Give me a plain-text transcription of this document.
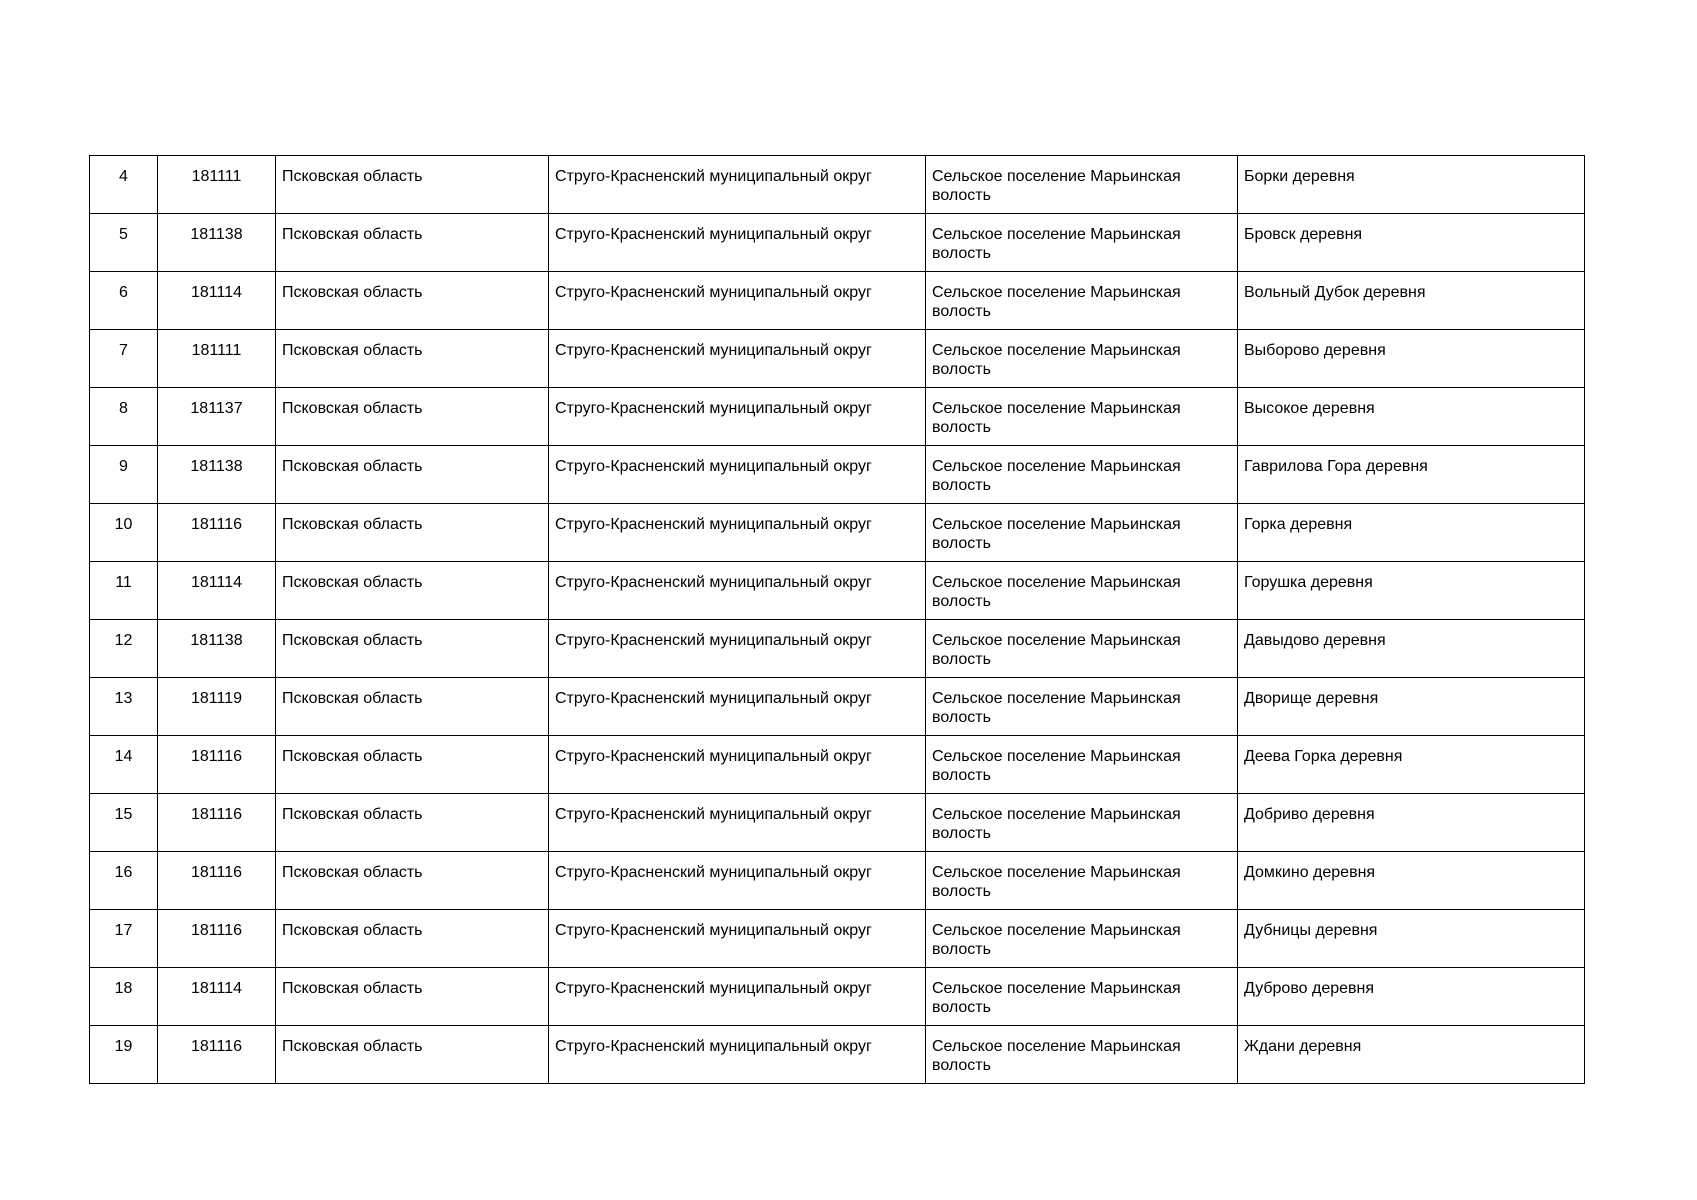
4	181111	Псковская область	Струго-Красненский муниципальный округ	Сельское поселение Марьинская волость	Борки деревня
5	181138	Псковская область	Струго-Красненский муниципальный округ	Сельское поселение Марьинская волость	Бровск деревня
6	181114	Псковская область	Струго-Красненский муниципальный округ	Сельское поселение Марьинская волость	Вольный Дубок деревня
7	181111	Псковская область	Струго-Красненский муниципальный округ	Сельское поселение Марьинская волость	Выборово деревня
8	181137	Псковская область	Струго-Красненский муниципальный округ	Сельское поселение Марьинская волость	Высокое деревня
9	181138	Псковская область	Струго-Красненский муниципальный округ	Сельское поселение Марьинская волость	Гаврилова Гора деревня
10	181116	Псковская область	Струго-Красненский муниципальный округ	Сельское поселение Марьинская волость	Горка деревня
11	181114	Псковская область	Струго-Красненский муниципальный округ	Сельское поселение Марьинская волость	Горушка деревня
12	181138	Псковская область	Струго-Красненский муниципальный округ	Сельское поселение Марьинская волость	Давыдово деревня
13	181119	Псковская область	Струго-Красненский муниципальный округ	Сельское поселение Марьинская волость	Дворище деревня
14	181116	Псковская область	Струго-Красненский муниципальный округ	Сельское поселение Марьинская волость	Деева Горка деревня
15	181116	Псковская область	Струго-Красненский муниципальный округ	Сельское поселение Марьинская волость	Добриво деревня
16	181116	Псковская область	Струго-Красненский муниципальный округ	Сельское поселение Марьинская волость	Домкино деревня
17	181116	Псковская область	Струго-Красненский муниципальный округ	Сельское поселение Марьинская волость	Дубницы деревня
18	181114	Псковская область	Струго-Красненский муниципальный округ	Сельское поселение Марьинская волость	Дуброво деревня
19	181116	Псковская область	Струго-Красненский муниципальный округ	Сельское поселение Марьинская волость	Ждани деревня
